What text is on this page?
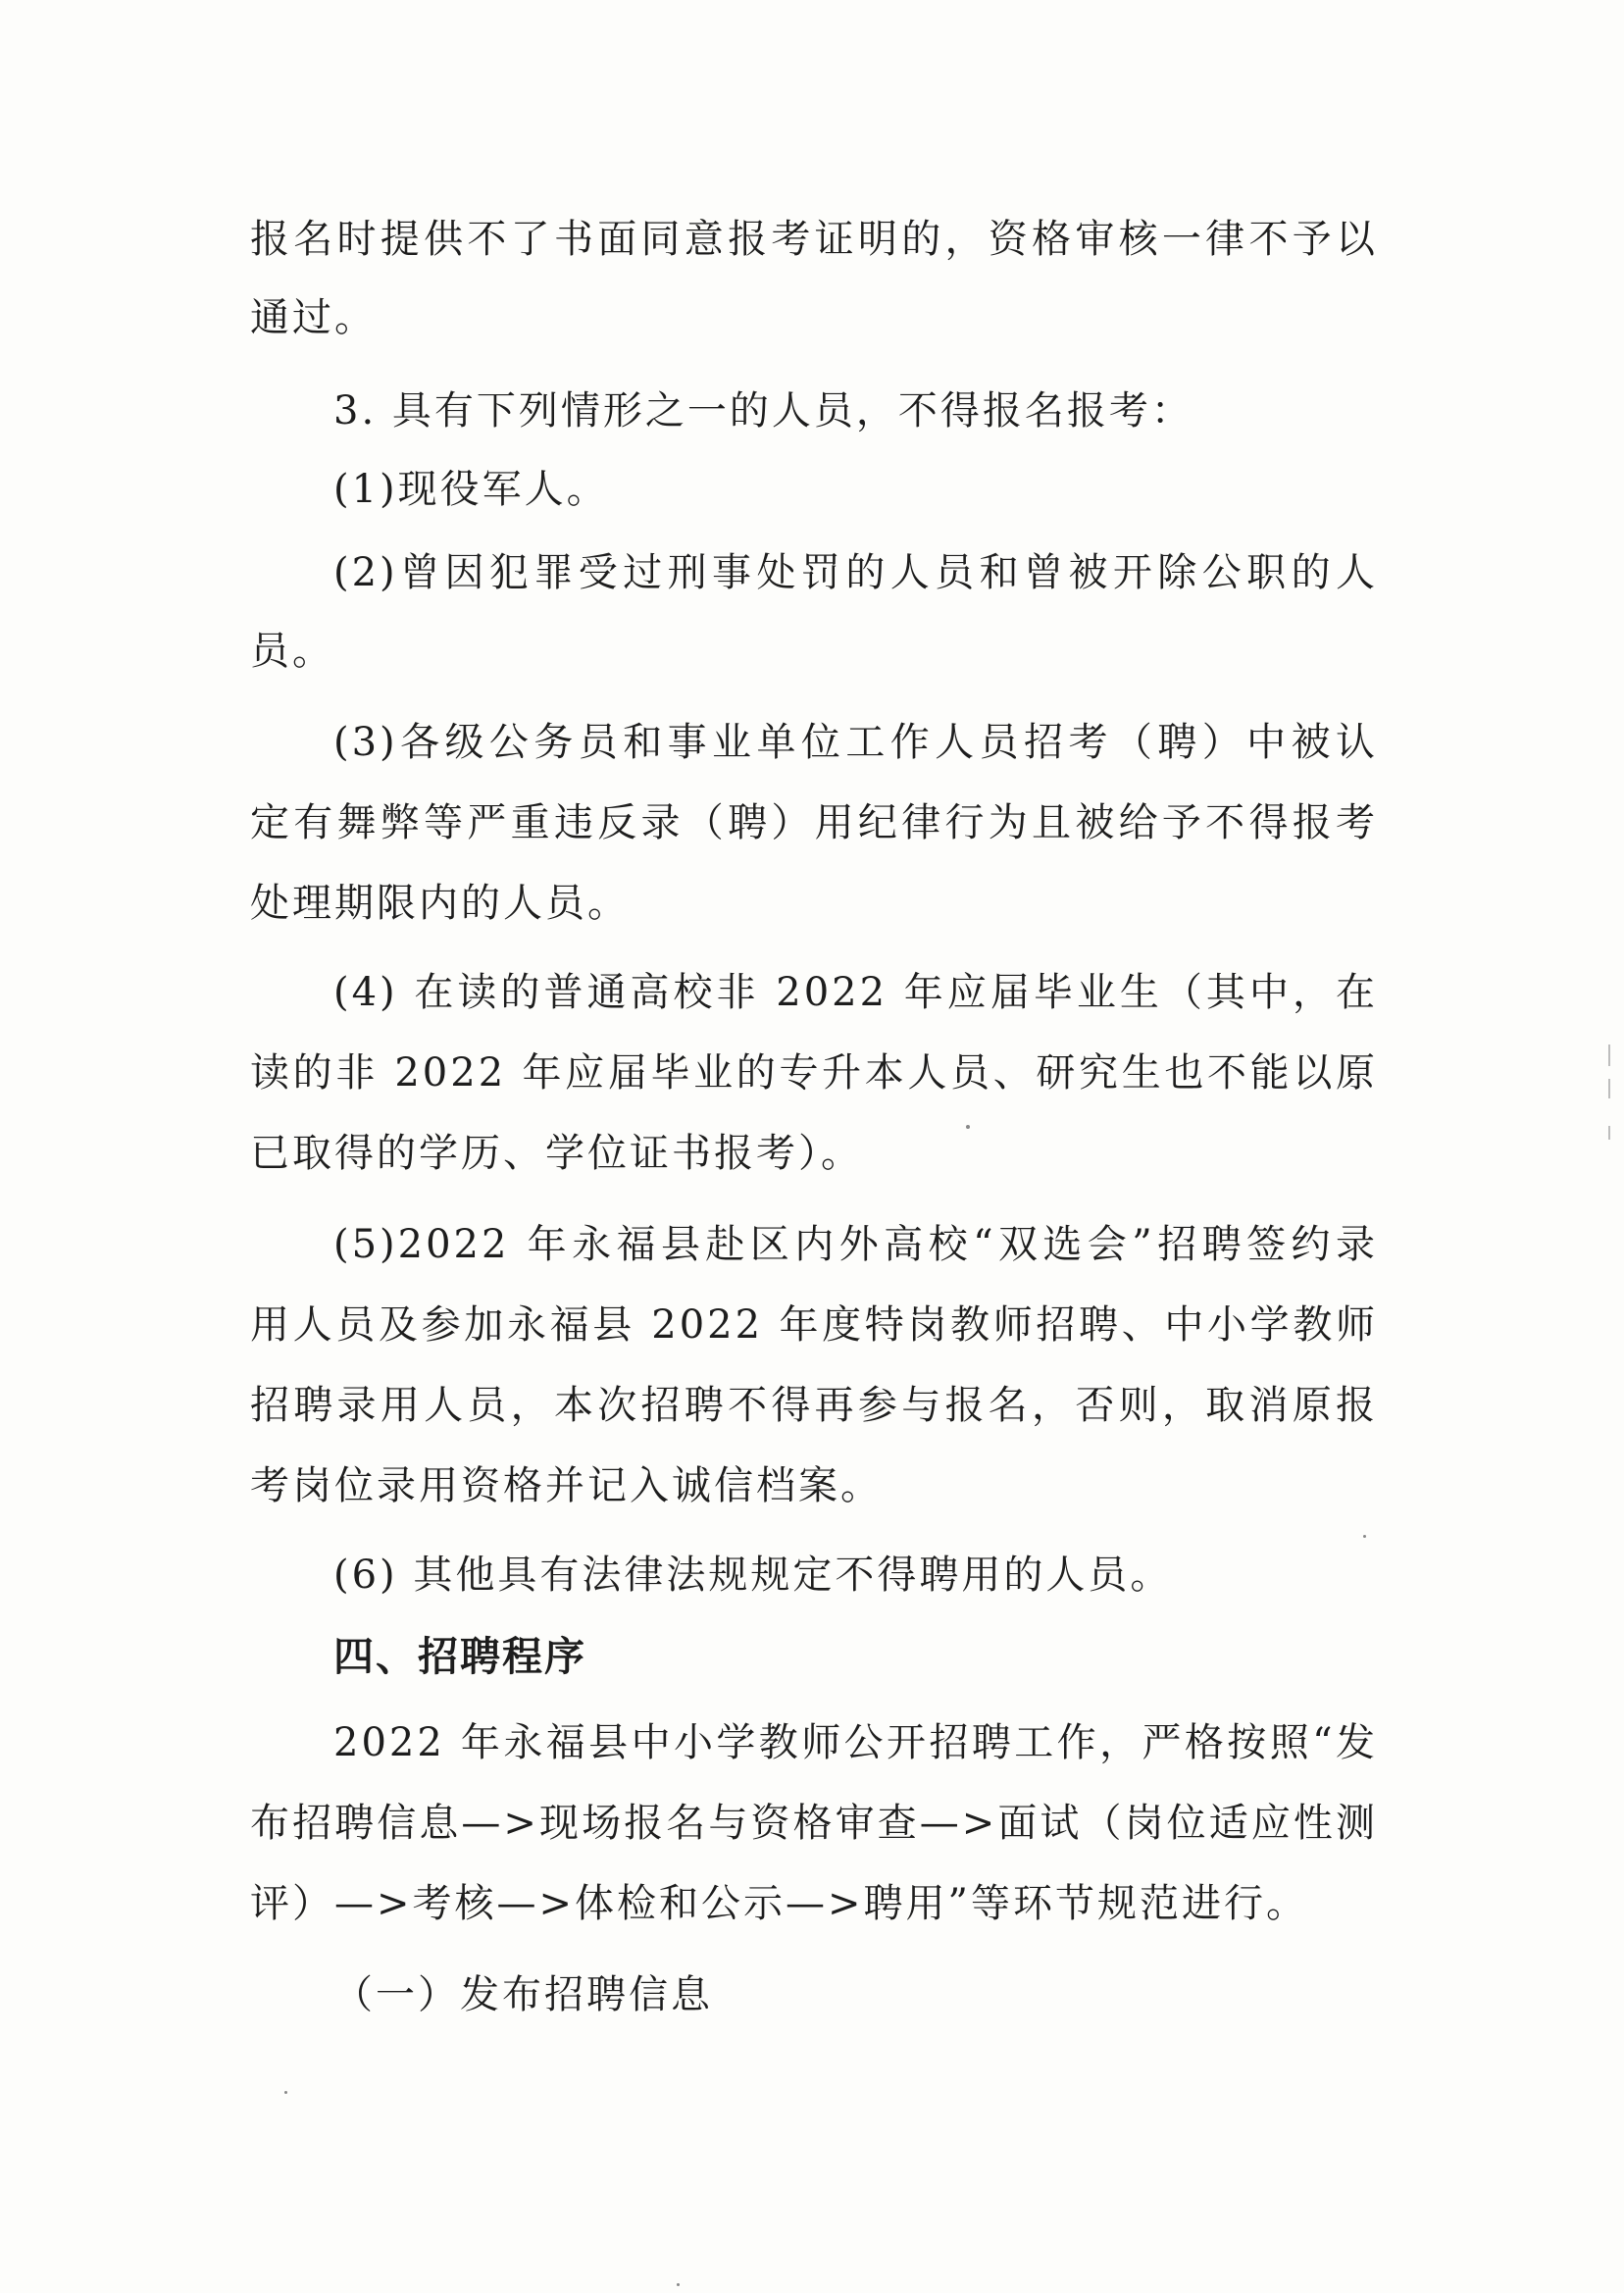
报名时提供不了书面同意报考证明的，资格审核一律不予以
通过。
3. 具有下列情形之一的人员，不得报名报考：
(1)现役军人。
(2)曾因犯罪受过刑事处罚的人员和曾被开除公职的人
员。
(3)各级公务员和事业单位工作人员招考（聘）中被认
定有舞弊等严重违反录（聘）用纪律行为且被给予不得报考
处理期限内的人员。
(4) 在读的普通高校非 2022 年应届毕业生（其中，在
读的非 2022 年应届毕业的专升本人员、研究生也不能以原
已取得的学历、学位证书报考）。
(5)2022 年永福县赴区内外高校“双选会”招聘签约录
用人员及参加永福县 2022 年度特岗教师招聘、中小学教师
招聘录用人员，本次招聘不得再参与报名，否则，取消原报
考岗位录用资格并记入诚信档案。
(6) 其他具有法律法规规定不得聘用的人员。
四、招聘程序
2022 年永福县中小学教师公开招聘工作，严格按照“发
布招聘信息—>现场报名与资格审查—>面试（岗位适应性测
评）—>考核—>体检和公示—>聘用”等环节规范进行。
（一）发布招聘信息
